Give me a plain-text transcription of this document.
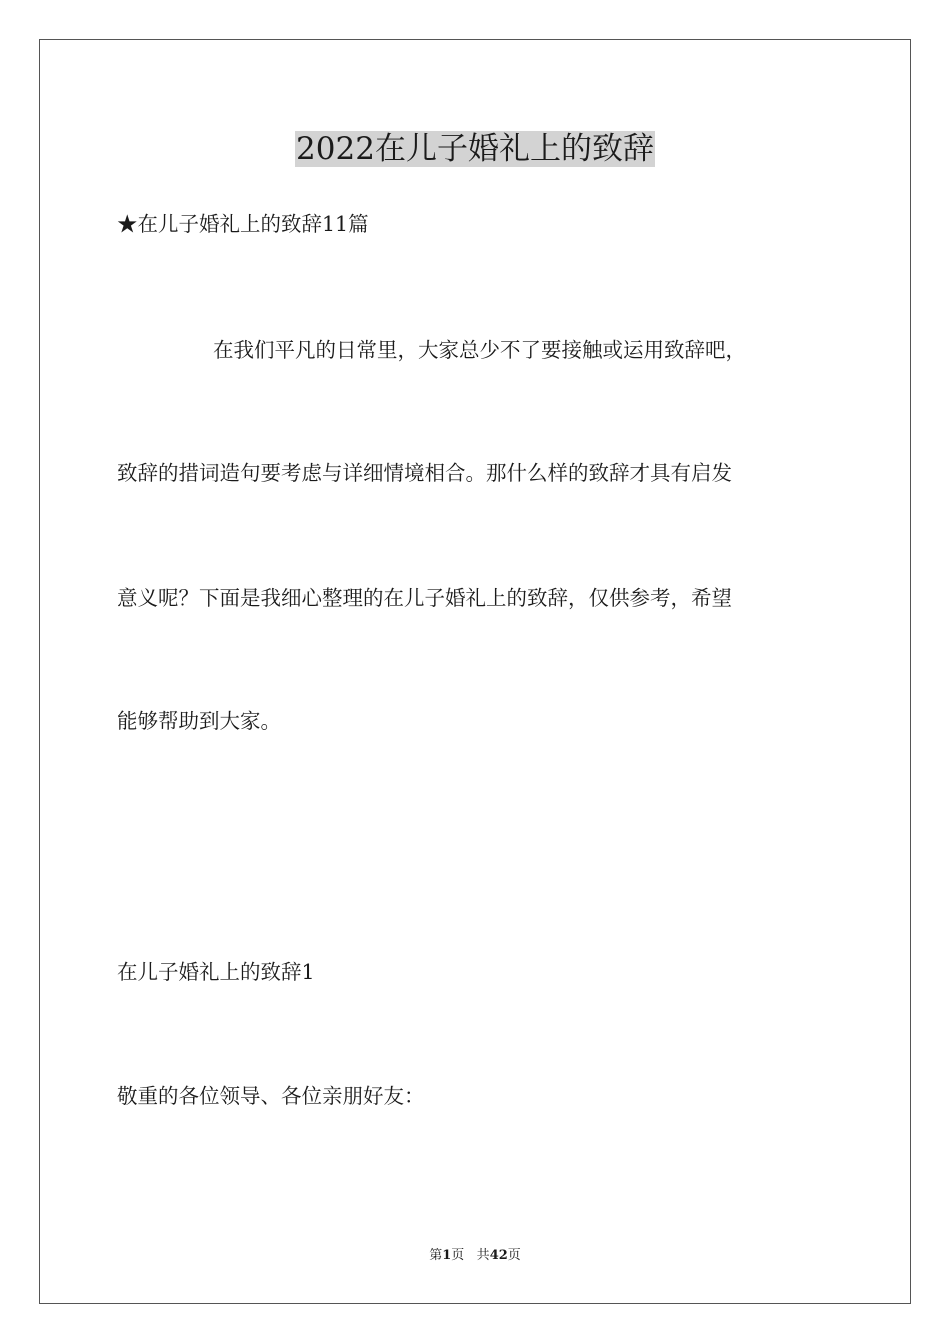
2022在儿子婚礼上的致辞

★在儿子婚礼上的致辞11篇

在我们平凡的日常里，大家总少不了要接触或运用致辞吧，

致辞的措词造句要考虑与详细情境相合。那什么样的致辞才具有启发

意义呢？下面是我细心整理的在儿子婚礼上的致辞，仅供参考，希望

能够帮助到大家。

在儿子婚礼上的致辞1

敬重的各位领导、各位亲朋好友：

第1页 共42页
